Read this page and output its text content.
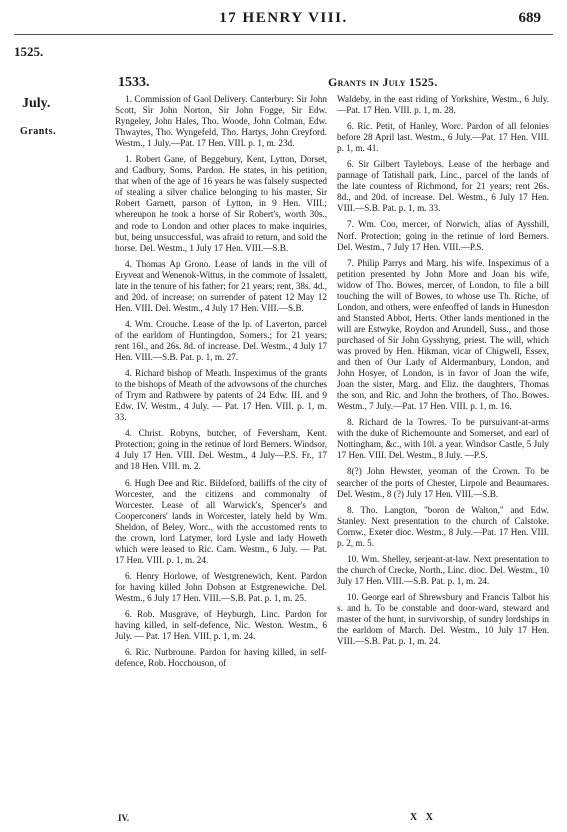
17 HENRY VIII.	689
1525.
1533.	Grants in July 1525.
July.
Grants.

1. Commission of Gaol Delivery. Canterbury: Sir John Scott, Sir John Norton, Sir John Fogge, Sir Edw. Ryngeley, John Hales, Tho. Woode, John Colman, Edw. Thwaytes, Tho. Wyngefeld, Tho. Hartys, John Creyford. Westm., 1 July.—Pat. 17 Hen. VIII. p. 1, m. 23d.

1. Robert Gane, of Beggebury, Kent, Lytton, Dorset, and Cadbury, Soms. Pardon. He states, in his petition, that when of the age of 16 years he was falsely suspected of stealing a silver chalice belonging to his master, Sir Robert Garnett, parson of Lytton, in 9 Hen. VIII.; whereupon he took a horse of Sir Robert's, worth 30s., and rode to London and other places to make inquiries, but, being unsuccessful, was afraid to return, and sold the horse. Del. Westm., 1 July 17 Hen. VIII.—S.B.

4. Thomas Ap Grono. Lease of lands in the vill of Eryveat and Wenenok-Wittus, in the commote of Issalett, late in the tenure of his father; for 21 years; rent, 38s. 4d., and 20d. of increase; on surrender of patent 12 May 12 Hen. VIII. Del. Westm., 4 July 17 Hen. VIII.—S.B.

4. Wm. Crouche. Lease of the lp. of Laverton, parcel of the earldom of Huntingdon, Somers.; for 21 years; rent 16l., and 26s. 8d. of increase. Del. Westm., 4 July 17 Hen. VIII.—S.B. Pat. p. 1, m. 27.

4. Richard bishop of Meath. Inspeximus of the grants to the bishops of Meath of the advowsons of the churches of Trym and Rathwere by patents of 24 Edw. III. and 9 Edw. IV. Westm., 4 July. — Pat. 17 Hen. VIII. p. 1, m. 33.

4. Christ. Robyns, butcher, of Feversham, Kent. Protection; going in the retinue of lord Berners. Windsor, 4 July 17 Hen. VIII. Del. Westm., 4 July—P.S. Fr., 17 and 18 Hen. VIII. m. 2.

6. Hugh Dee and Ric. Bildeford, bailiffs of the city of Worcester, and the citizens and commonalty of Worcester. Lease of all Warwick's, Spencer's and Cooperconers' lands in Worcester, lately held by Wm. Sheldon, of Beley, Worc., with the accustomed rents to the crown, lord Latymer, lord Lysle and lady Howeth which were leased to Ric. Cam. Westm., 6 July. — Pat. 17 Hen. VIII. p. 1, m. 24.

6. Henry Horlowe, of Westgrenewich, Kent. Pardon for having killed John Dobson at Estgrenewiche. Del. Westm., 6 July 17 Hen. VIII.—S.B. Pat. p. 1, m. 25.

6. Rob. Musgrave, of Heyburgh, Linc. Pardon for having killed, in self-defence, Nic. Weston. Westm., 6 July. — Pat. 17 Hen. VIII. p. 1, m. 24.

6. Ric. Nutbroune. Pardon for having killed, in self-defence, Rob. Hocchouson, of

Waldeby, in the east riding of Yorkshire, Westm., 6 July.—Pat. 17 Hen. VIII. p. 1, m. 28.

6. Ric. Petit, of Hanley, Worc. Pardon of all felonies before 28 April last. Westm., 6 July.—Pat. 17 Hen. VIII. p. 1, m. 41.

6. Sir Gilbert Tayleboys. Lease of the herbage and pannage of Tatishall park, Linc., parcel of the lands of the late countess of Richmond, for 21 years; rent 26s. 8d., and 20d. of increase. Del. Westm., 6 July 17 Hen. VIII.—S.B. Pat. p. 1, m. 33.

7. Wm. Coo, mercer, of Norwich, alias of Aysshill, Norf. Protection; going in the retinue of lord Berners. Del. Westm., 7 July 17 Hen. VIII.—P.S.

7. Philip Parrys and Marg. his wife. Inspeximus of a petition presented by John More and Joan his wife, widow of Tho. Bowes, mercer, of London, to file a bill touching the will of Bowes, to whose use Th. Riche, of London, and others, were enfeoffed of lands in Hunesdon and Stansted Abbot, Herts. Other lands mentioned in the will are Estwyke, Roydon and Arundell, Suss., and those purchased of Sir John Gysshyng, priest. The will, which was proved by Hen. Hikman, vicar of Chigwell, Essex, and then of Our Lady of Aldermanbury, London, and John Hosyer, of London, is in favor of Joan the wife, Joan the sister, Marg. and Eliz. the daughters, Thomas the son, and Ric. and John the brothers, of Tho. Bowes. Westm., 7 July.—Pat. 17 Hen. VIII. p. 1, m. 16.

8. Richard de la Towres. To be pursuivant-at-arms with the duke of Richemounte and Somerset, and earl of Nottingham, &c., with 10l. a year. Windsor Castle, 5 July 17 Hen. VIII. Del. Westm., 8 July. —P.S.

8(?) John Hewster, yeoman of the Crown. To be searcher of the ports of Chester, Lirpole and Beaumares. Del. Westm., 8 (?) July 17 Hen. VIII.—S.B.

8. Tho. Langton, "boron de Walton," and Edw. Stanley. Next presentation to the church of Calstoke. Cornw., Exeter dioc. Westm., 8 July.—Pat. 17 Hen. VIII. p. 2, m. 5.

10. Wm. Shelley, serjeant-at-law. Next presentation to the church of Crecke, North., Linc. dioc. Del. Westm., 10 July 17 Hen. VIII.—S.B. Pat. p. 1, m. 24.

10. George earl of Shrewsbury and Francis Talbot his s. and h. To be constable and door-ward, steward and master of the hunt, in survivorship, of sundry lordships in the earldom of March. Del. Westm., 10 July 17 Hen. VIII.—S.B. Pat. p. 1, m. 24.

IV.	X X
